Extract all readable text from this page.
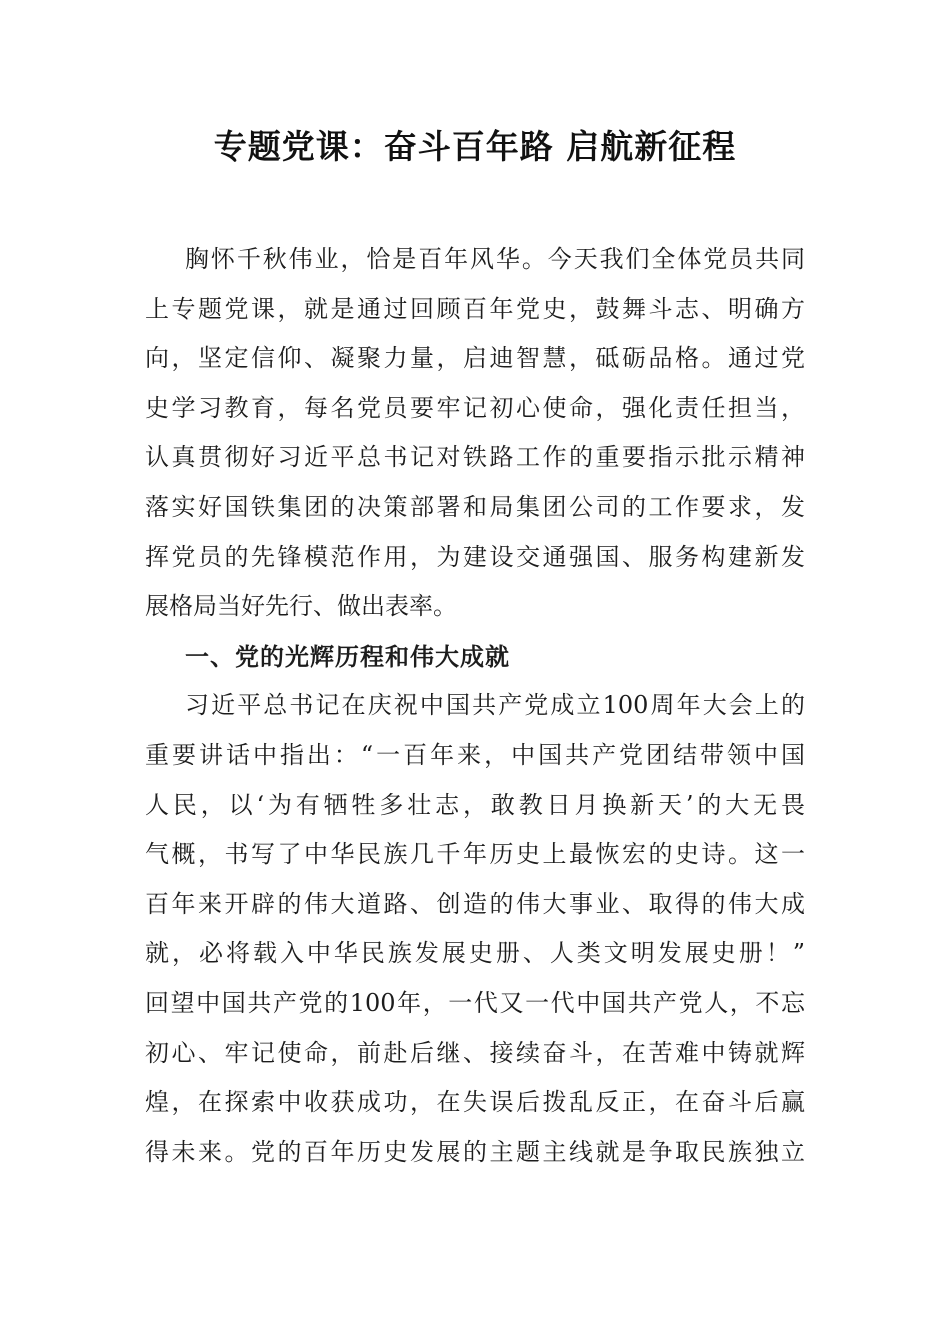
专题党课：奋斗百年路 启航新征程
胸怀千秋伟业，恰是百年风华。今天我们全体党员共同
上专题党课，就是通过回顾百年党史，鼓舞斗志、明确方
向，坚定信仰、凝聚力量，启迪智慧，砥砺品格。通过党
史学习教育，每名党员要牢记初心使命，强化责任担当，
认真贯彻好习近平总书记对铁路工作的重要指示批示精神
落实好国铁集团的决策部署和局集团公司的工作要求，发
挥党员的先锋模范作用，为建设交通强国、服务构建新发
展格局当好先行、做出表率。
一、党的光辉历程和伟大成就
习近平总书记在庆祝中国共产党成立100周年大会上的
重要讲话中指出：“一百年来，中国共产党团结带领中国
人民，以‘为有牺牲多壮志，敢教日月换新天’的大无畏
气概，书写了中华民族几千年历史上最恢宏的史诗。这一
百年来开辟的伟大道路、创造的伟大事业、取得的伟大成
就，必将载入中华民族发展史册、人类文明发展史册！”
回望中国共产党的100年，一代又一代中国共产党人，不忘
初心、牢记使命，前赴后继、接续奋斗，在苦难中铸就辉
煌，在探索中收获成功，在失误后拨乱反正，在奋斗后赢
得未来。党的百年历史发展的主题主线就是争取民族独立
